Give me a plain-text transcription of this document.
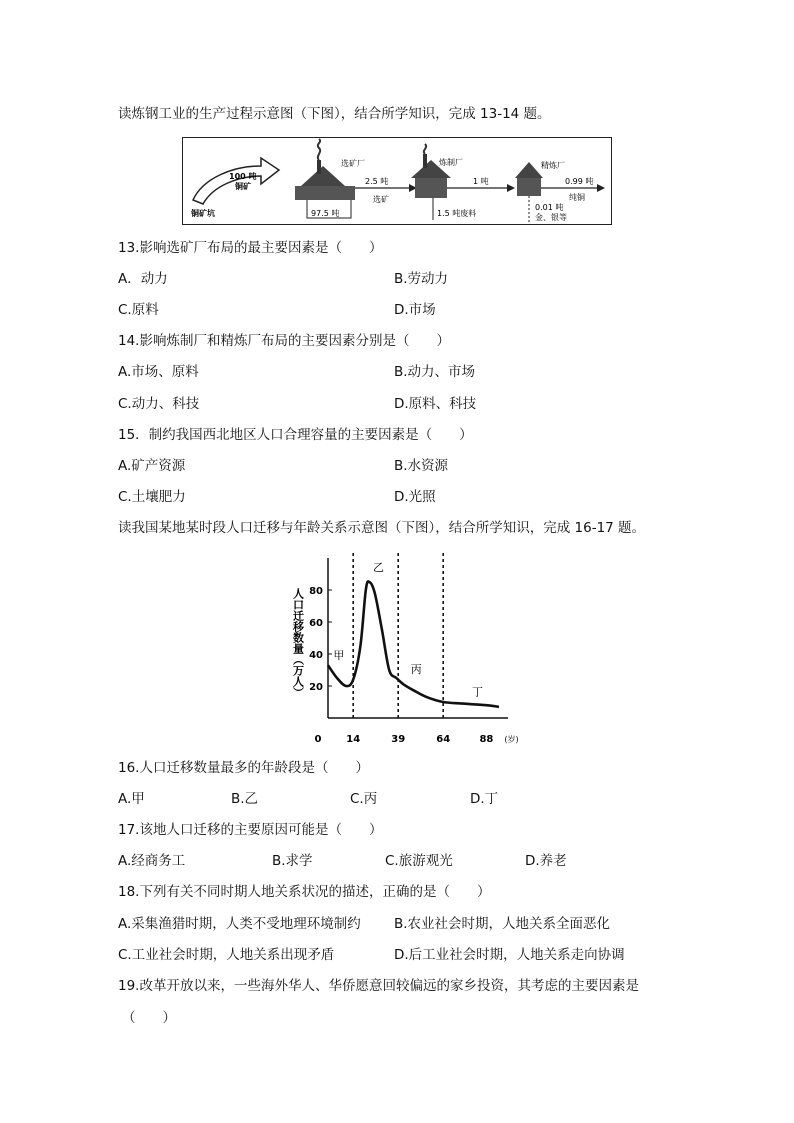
读炼钢工业的生产过程示意图（下图），结合所学知识，完成 13-14 题。
100 吨
铜矿
铜矿坑
选矿厂
2.5 吨
选矿
97.5 吨
炼制厂
1 吨
1.5 吨废料
精炼厂
0.99 吨
纯铜
0.01 吨
金、银等
13.影响选矿厂布局的最主要因素是（　　）
A．动力	B.劳动力
C.原料	D.市场
14.影响炼制厂和精炼厂布局的主要因素分别是（　　）
A.市场、原料	B.动力、市场
C.动力、科技	D.原料、科技
15．制约我国西北地区人口合理容量的主要因素是（　　）
A.矿产资源	B.水资源
C.土壤肥力	D.光照
读我国某地某时段人口迁移与年龄关系示意图（下图），结合所学知识，完成 16-17 题。
20
40
60
80
0 14	39	64	88 (岁)
人口迁移数量（万人）	甲
乙
丙
丁
16.人口迁移数量最多的年龄段是（　　）
A.甲	B.乙	C.丙	D.丁
17.该地人口迁移的主要原因可能是（　　）
A.经商务工	B.求学	C.旅游观光	D.养老
18.下列有关不同时期人地关系状况的描述，正确的是（　　）
A.采集渔猎时期，人类不受地理环境制约 B.农业社会时期，人地关系全面恶化
C.工业社会时期，人地关系出现矛盾	D.后工业社会时期，人地关系走向协调
19.改革开放以来，一些海外华人、华侨愿意回较偏远的家乡投资，其考虑的主要因素是
（　　）
